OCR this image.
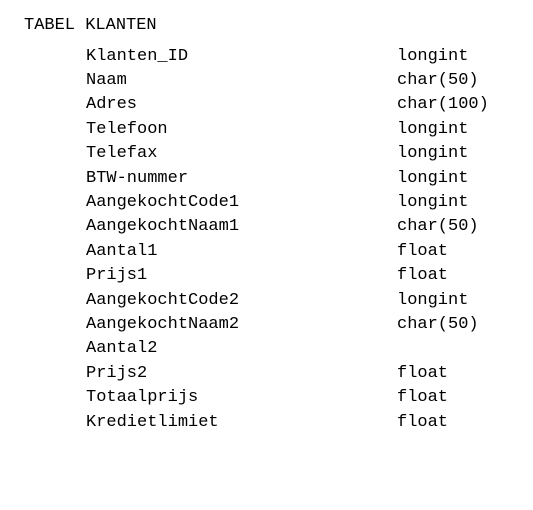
TABEL KLANTEN
Klanten_ID	longint
Naam	char(50)
Adres	char(100)
Telefoon	longint
Telefax	longint
BTW-nummer	longint
AangekochtCode1	longint
AangekochtNaam1	char(50)
Aantal1	float
Prijs1	float
AangekochtCode2	longint
AangekochtNaam2	char(50)
Aantal2
Prijs2	float
Totaalprijs	float
Kredietlimiet	float
